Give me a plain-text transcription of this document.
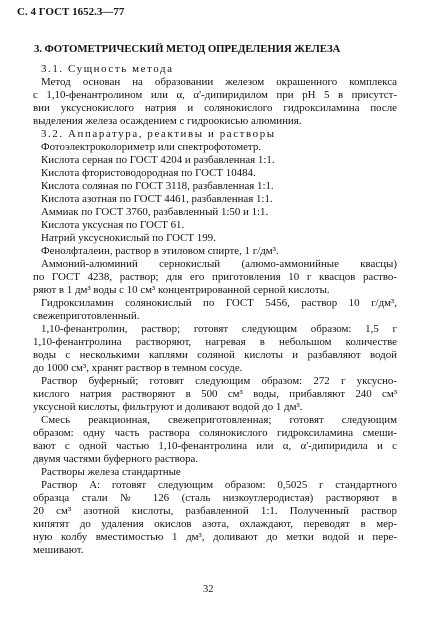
С. 4 ГОСТ 1652.3—77
3. ФОТОМЕТРИЧЕСКИЙ МЕТОД ОПРЕДЕЛЕНИЯ ЖЕЛЕЗА
3.1. Сущность метода
Метод основан на образовании железом окрашенного комплекса
с 1,10-фенантролином или α, α'-дипиридилом при pH 5 в присутст-
вии уксуснокислого натрия и солянокислого гидроксиламина после
выделения железа осаждением с гидроокисью алюминия.
3.2. Аппаратура, реактивы и растворы
Фотоэлектроколориметр или спектрофотометр.
Кислота серная по ГОСТ 4204 и разбавленная 1:1.
Кислота фтористоводородная по ГОСТ 10484.
Кислота соляная по ГОСТ 3118, разбавленная 1:1.
Кислота азотная по ГОСТ 4461, разбавленная 1:1.
Аммиак по ГОСТ 3760, разбавленный 1:50 и 1:1.
Кислота уксусная по ГОСТ 61.
Натрий уксуснокислый по ГОСТ 199.
Фенолфталеин, раствор в этиловом спирте, 1 г/дм³.
Аммоний-алюминий сернокислый (алюмо-аммонийные квасцы)
по ГОСТ 4238, раствор; для его приготовления 10 г квасцов раство-
ряют в 1 дм³ воды с 10 см³ концентрированной серной кислоты.
Гидроксиламин солянокислый по ГОСТ 5456, раствор 10 г/дм³,
свежеприготовленный.
1,10-фенантролин, раствор; готовят следующим образом: 1,5 г
1,10-фенантролина растворяют, нагревая в небольшом количестве
воды с несколькими каплями соляной кислоты и разбавляют водой
до 1000 см³, хранят раствор в темном сосуде.
Раствор буферный; готовят следующим образом: 272 г уксусно-
кислого натрия растворяют в 500 см³ воды, прибавляют 240 см³
уксусной кислоты, фильтруют и доливают водой до 1 дм³.
Смесь реакционная, свежеприготовленная; готовят следующим
образом: одну часть раствора солянокислого гидроксиламина смеши-
вают с одной частью 1,10-фенантролина или α, α'-дипиридила и с
двумя частями буферного раствора.
Растворы железа стандартные
Раствор А: готовят следующим образом: 0,5025 г стандартного
образца стали № 126 (сталь низкоуглеродистая) растворяют в
20 см³ азотной кислоты, разбавленной 1:1. Полученный раствор
кипятят до удаления окислов азота, охлаждают, переводят в мер-
ную колбу вместимостью 1 дм³, доливают до метки водой и пере-
мешивают.
32
